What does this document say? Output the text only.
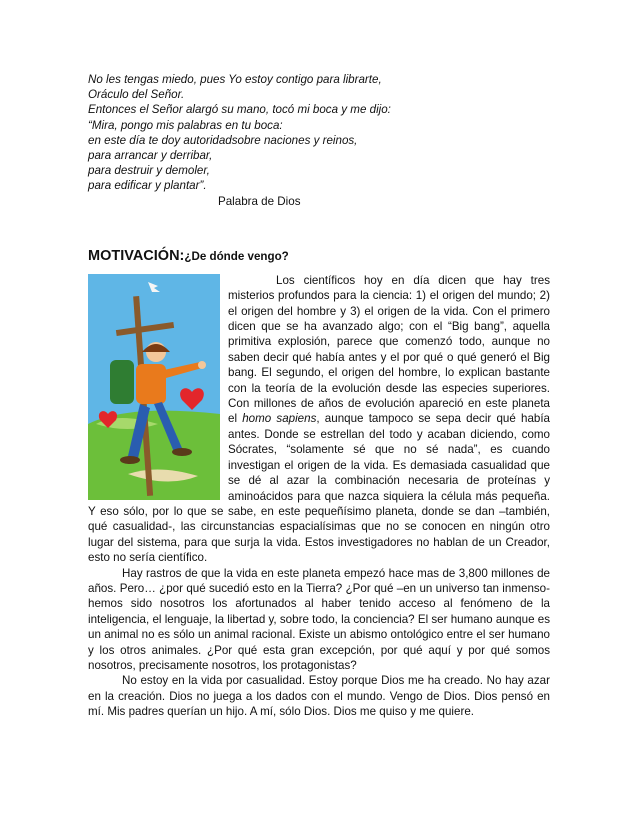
No les tengas miedo, pues Yo estoy contigo para librarte,
Oráculo del Señor.
Entonces el Señor alargó su mano, tocó mi boca y me dijo:
“Mira, pongo mis palabras en tu boca:
en este día te doy autoridadsobre naciones y reinos,
para arrancar y derribar,
para destruir y demoler,
para edificar y plantar”.
Palabra de Dios
MOTIVACIÓN:¿De dónde vengo?

Los científicos hoy en día dicen que hay tres misterios profundos para la ciencia: 1) el origen del mundo; 2) el origen del hombre y 3) el origen de la vida. Con el primero dicen que se ha avanzado algo; con el “Big bang”, aquella primitiva explosión, parece que comenzó todo, aunque no saben decir qué había antes y el por qué o qué generó el Big bang. El segundo, el origen del hombre, lo explican bastante con la teoría de la evolución desde las especies superiores. Con millones de años de evolución apareció en este planeta el homo sapiens, aunque tampoco se sepa decir qué había antes. Donde se estrellan del todo y acaban diciendo, como Sócrates, “solamente sé que no sé nada”, es cuando investigan el origen de la vida. Es demasiada casualidad que se dé al azar la combinación necesaria de proteínas y aminoácidos para que nazca siquiera la célula más pequeña. Y eso sólo, por lo que se sabe, en este pequeñísimo planeta, donde se dan –también, qué casualidad-, las circunstancias espacialísimas que no se conocen en ningún otro lugar del sistema, para que surja la vida. Estos investigadores no hablan de un Creador, esto no sería científico.

Hay rastros de que la vida en este planeta empezó hace mas de 3,800 millones de años. Pero… ¿por qué sucedió esto en la Tierra? ¿Por qué –en un universo tan inmenso- hemos sido nosotros los afortunados al haber tenido acceso al fenómeno de la inteligencia, el lenguaje, la libertad y, sobre todo, la conciencia? El ser humano aunque es un animal no es sólo un animal racional. Existe un abismo ontológico entre el ser humano y los otros animales. ¿Por qué esta gran excepción, por qué aquí y por qué somos nosotros, precisamente nosotros, los protagonistas?

No estoy en la vida por casualidad. Estoy porque Dios me ha creado. No hay azar en la creación. Dios no juega a los dados con el mundo. Vengo de Dios. Dios pensó en mí. Mis padres querían un hijo. A mí, sólo Dios. Dios me quiso y me quiere.
